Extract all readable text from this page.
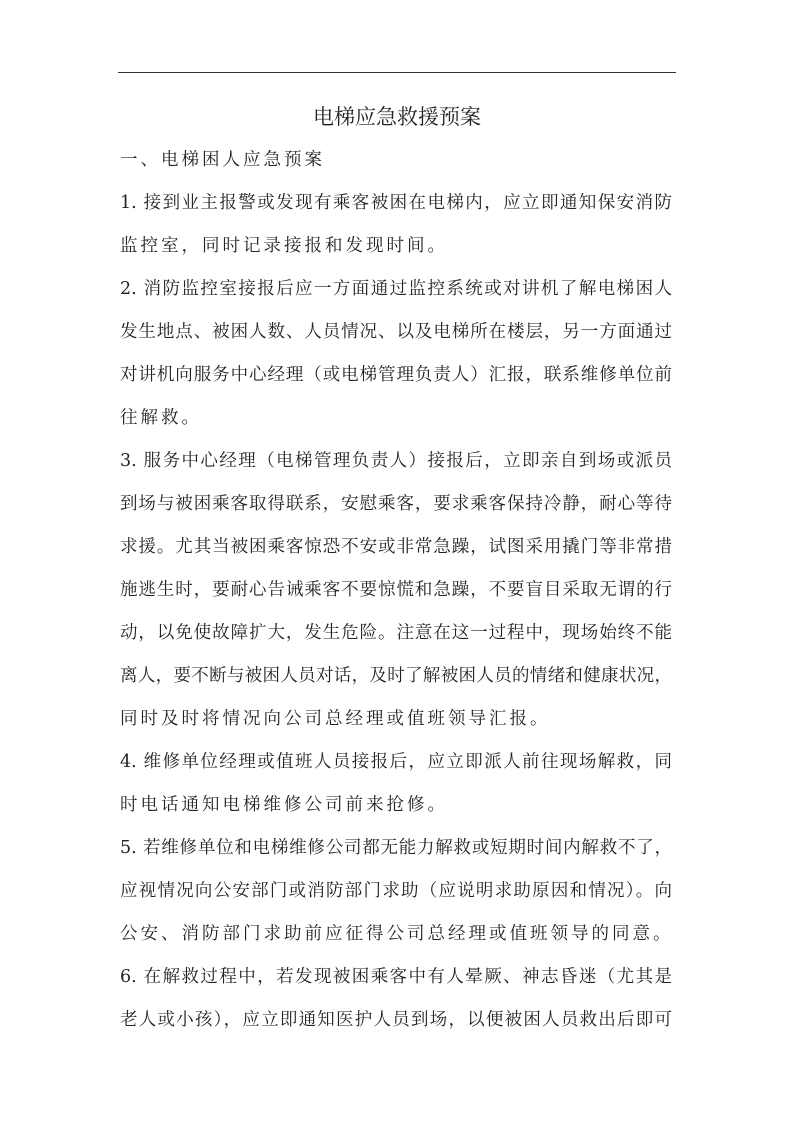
电梯应急救援预案
一、电梯困人应急预案
1. 接到业主报警或发现有乘客被困在电梯内，应立即通知保安消防
监控室，同时记录接报和发现时间。
2. 消防监控室接报后应一方面通过监控系统或对讲机了解电梯困人
发生地点、被困人数、人员情况、以及电梯所在楼层，另一方面通过
对讲机向服务中心经理（或电梯管理负责人）汇报，联系维修单位前
往解救。
3. 服务中心经理（电梯管理负责人）接报后，立即亲自到场或派员
到场与被困乘客取得联系，安慰乘客，要求乘客保持冷静，耐心等待
求援。尤其当被困乘客惊恐不安或非常急躁，试图采用撬门等非常措
施逃生时，要耐心告诫乘客不要惊慌和急躁，不要盲目采取无谓的行
动，以免使故障扩大，发生危险。注意在这一过程中，现场始终不能
离人，要不断与被困人员对话，及时了解被困人员的情绪和健康状况，
同时及时将情况向公司总经理或值班领导汇报。
4. 维修单位经理或值班人员接报后，应立即派人前往现场解救，同
时电话通知电梯维修公司前来抢修。
5. 若维修单位和电梯维修公司都无能力解救或短期时间内解救不了，
应视情况向公安部门或消防部门求助（应说明求助原因和情况）。向
公安、消防部门求助前应征得公司总经理或值班领导的同意。
6. 在解救过程中，若发现被困乘客中有人晕厥、神志昏迷（尤其是
老人或小孩），应立即通知医护人员到场，以便被困人员救出后即可
